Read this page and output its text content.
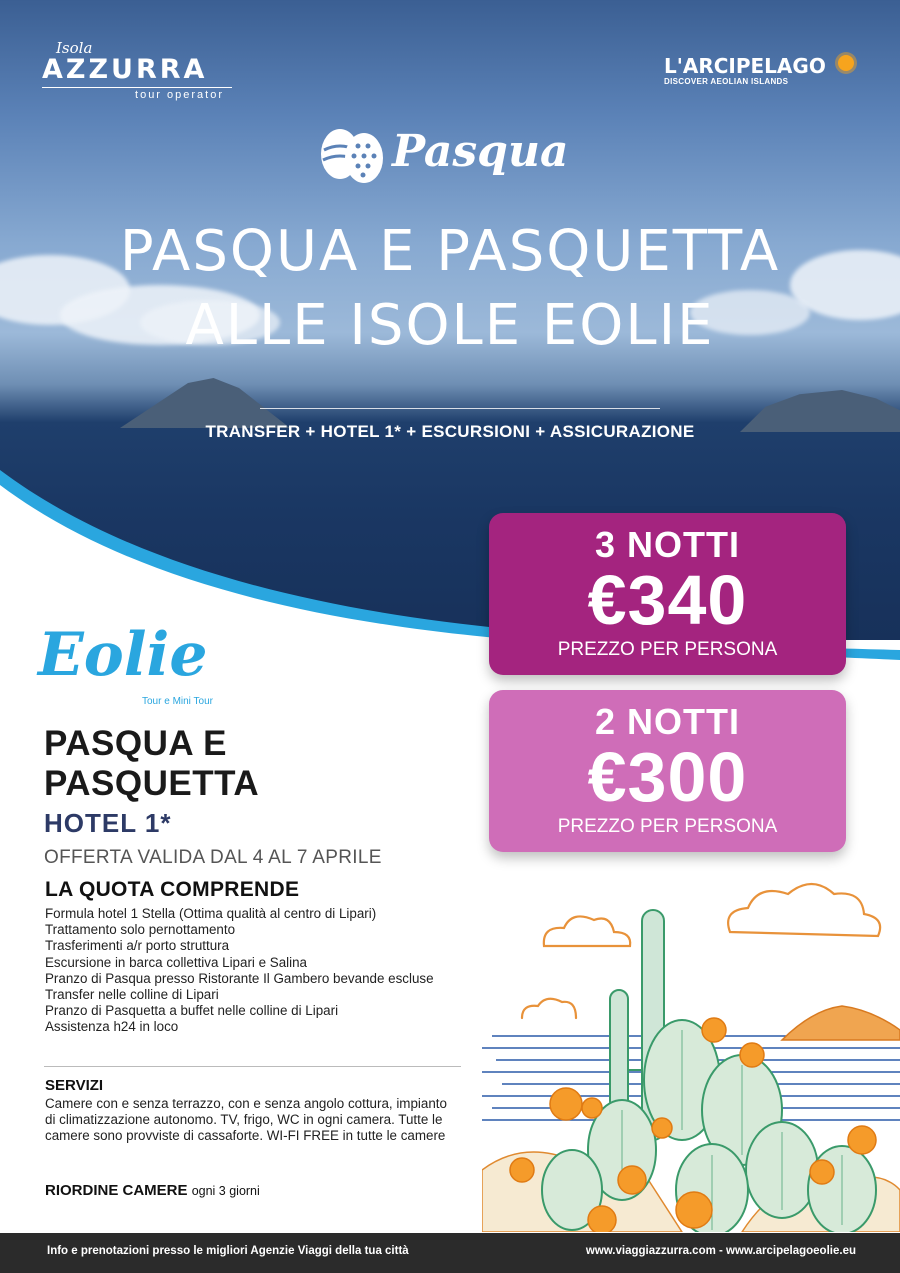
Isola
AZZURRA
tour operator
L'ARCIPELAGO
DISCOVER AEOLIAN ISLANDS
Pasqua
PASQUA E PASQUETTA
ALLE ISOLE EOLIE
TRANSFER + HOTEL 1* + ESCURSIONI + ASSICURAZIONE
3 NOTTI
€340
PREZZO PER PERSONA
2 NOTTI
€300
PREZZO PER PERSONA
Eolie
Tour e Mini Tour
PASQUA E
PASQUETTA
HOTEL 1*
OFFERTA VALIDA DAL 4 AL 7 APRILE
LA QUOTA COMPRENDE
Formula hotel 1 Stella (Ottima qualità al centro di Lipari)
Trattamento solo pernottamento
Trasferimenti a/r porto struttura
Escursione in barca collettiva Lipari e Salina
Pranzo di Pasqua presso Ristorante Il Gambero bevande escluse
Transfer nelle colline di Lipari
Pranzo di Pasquetta a buffet nelle colline di Lipari
Assistenza h24 in loco
SERVIZI
Camere con e senza terrazzo, con e senza angolo cottura, impianto di climatizzazione autonomo. TV, frigo, WC in ogni camera. Tutte le camere sono provviste di cassaforte. WI-FI FREE in tutte le camere
RIORDINE CAMERE ogni 3 giorni
Info e prenotazioni presso le migliori Agenzie Viaggi della tua città	www.viaggiazzurra.com - www.arcipelagoeolie.eu
